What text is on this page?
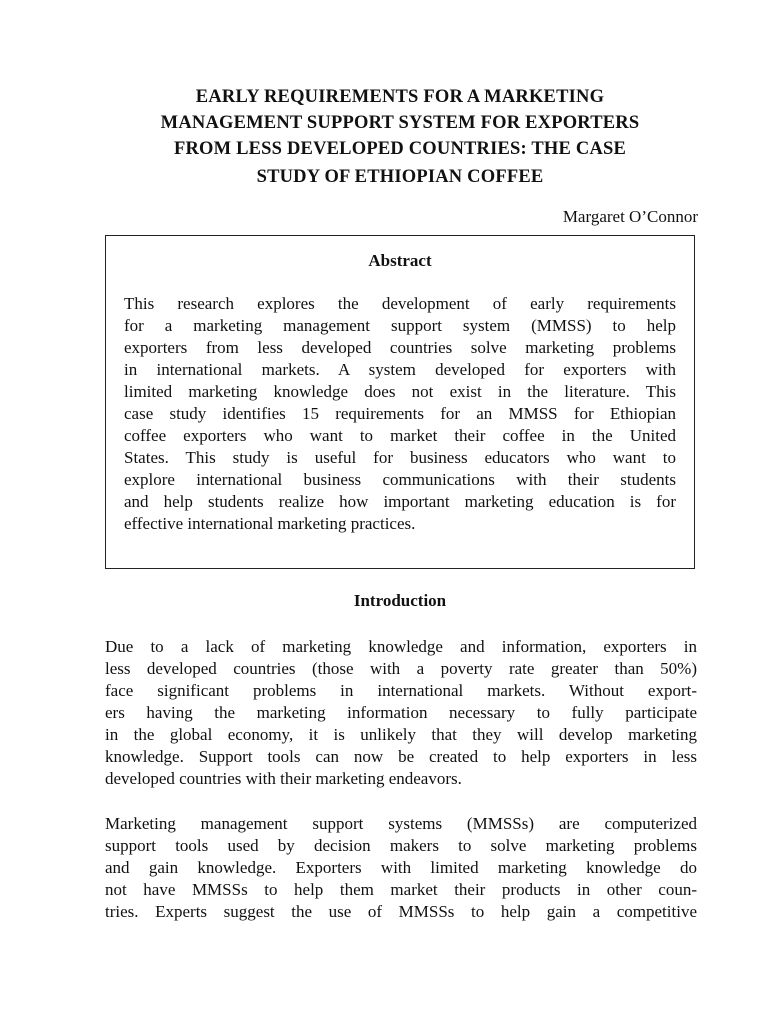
EARLY REQUIREMENTS FOR A MARKETING
MANAGEMENT SUPPORT SYSTEM FOR EXPORTERS
FROM LESS DEVELOPED COUNTRIES: THE CASE
STUDY OF ETHIOPIAN COFFEE
Margaret O’Connor
Abstract
This research explores the development of early requirements
for a marketing management support system (MMSS) to help
exporters from less developed countries solve marketing problems
in international markets. A system developed for exporters with
limited marketing knowledge does not exist in the literature. This
case study identifies 15 requirements for an MMSS for Ethiopian
coffee exporters who want to market their coffee in the United
States. This study is useful for business educators who want to
explore international business communications with their students
and help students realize how important marketing education is for
effective international marketing practices.
Introduction
Due to a lack of marketing knowledge and information, exporters in
less developed countries (those with a poverty rate greater than 50%)
face significant problems in international markets. Without export-
ers having the marketing information necessary to fully participate
in the global economy, it is unlikely that they will develop marketing
knowledge. Support tools can now be created to help exporters in less
developed countries with their marketing endeavors.
Marketing management support systems (MMSSs) are computerized
support tools used by decision makers to solve marketing problems
and gain knowledge. Exporters with limited marketing knowledge do
not have MMSSs to help them market their products in other coun-
tries. Experts suggest the use of MMSSs to help gain a competitive
